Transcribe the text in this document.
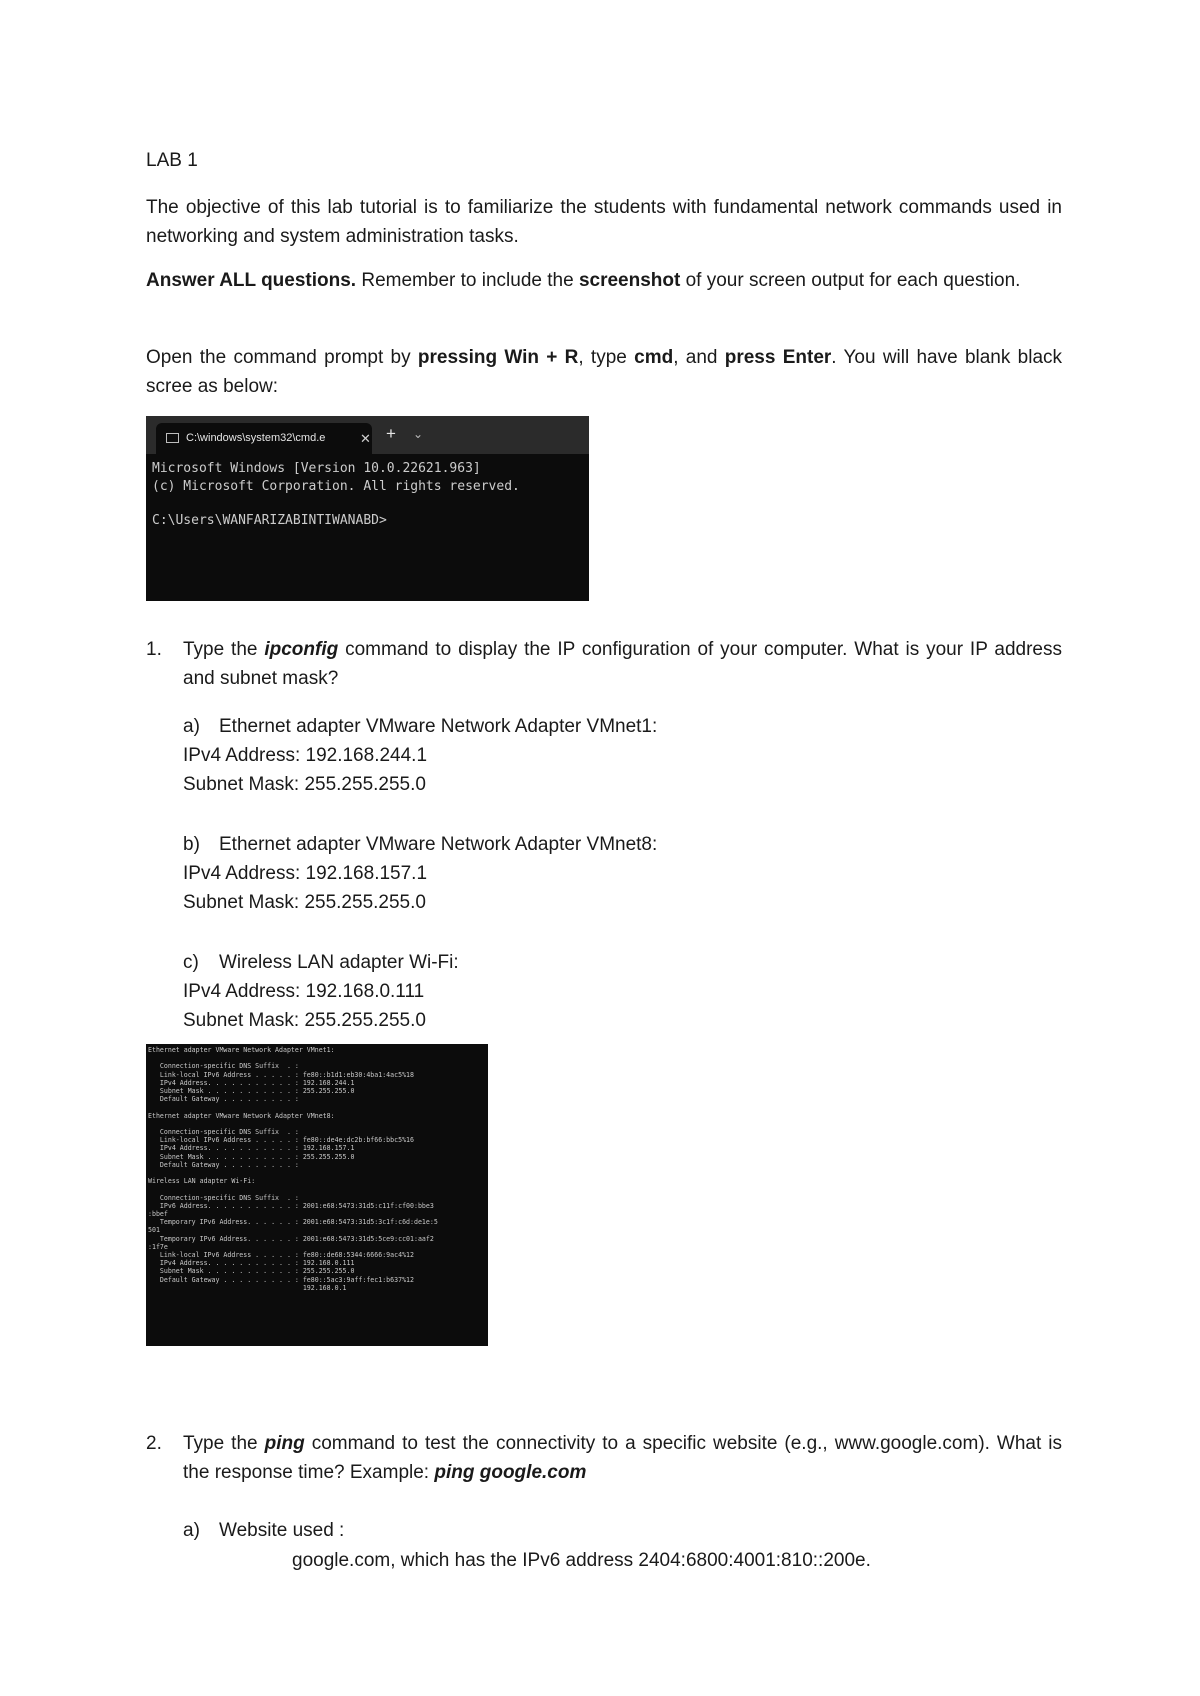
LAB 1

The objective of this lab tutorial is to familiarize the students with fundamental network commands used in networking and system administration tasks.

Answer ALL questions. Remember to include the screenshot of your screen output for each question.

Open the command prompt by pressing Win + R, type cmd, and press Enter. You will have blank black scree as below:

C:\windows\system32\cmd.e	✕ + ⌄
Microsoft Windows [Version 10.0.22621.963]
(c) Microsoft Corporation. All rights reserved.
C:\Users\WANFARIZABINTIWANABD>

1.	Type the ipconfig command to display the IP configuration of your computer. What is your IP address and subnet mask?

a)	Ethernet adapter VMware Network Adapter VMnet1:

IPv4 Address: 192.168.244.1

Subnet Mask: 255.255.255.0

b)	Ethernet adapter VMware Network Adapter VMnet8:

IPv4 Address: 192.168.157.1

Subnet Mask: 255.255.255.0

c)	Wireless LAN adapter Wi-Fi:

IPv4 Address: 192.168.0.111

Subnet Mask: 255.255.255.0

Ethernet adapter VMware Network Adapter VMnet1:
Connection-specific DNS Suffix  . :
Link-local IPv6 Address . . . . . : fe80::b1d1:eb30:4ba1:4ac5%18
IPv4 Address. . . . . . . . . . . : 192.168.244.1
Subnet Mask . . . . . . . . . . . : 255.255.255.0
Default Gateway . . . . . . . . . :
Ethernet adapter VMware Network Adapter VMnet8:
Connection-specific DNS Suffix  . :
Link-local IPv6 Address . . . . . : fe80::de4e:dc2b:bf66:bbc5%16
IPv4 Address. . . . . . . . . . . : 192.168.157.1
Subnet Mask . . . . . . . . . . . : 255.255.255.0
Default Gateway . . . . . . . . . :
Wireless LAN adapter Wi-Fi:
Connection-specific DNS Suffix  . :
IPv6 Address. . . . . . . . . . . : 2001:e68:5473:31d5:c11f:cf00:bbe3
:bbef
Temporary IPv6 Address. . . . . . : 2001:e68:5473:31d5:3c1f:c6d:de1e:5
501
Temporary IPv6 Address. . . . . . : 2001:e68:5473:31d5:5ce9:cc01:aaf2
:1f7e
Link-local IPv6 Address . . . . . : fe80::de68:5344:6666:9ac4%12
IPv4 Address. . . . . . . . . . . : 192.168.0.111
Subnet Mask . . . . . . . . . . . : 255.255.255.0
Default Gateway . . . . . . . . . : fe80::5ac3:9aff:fec1:b637%12
192.168.0.1

2.	Type the ping command to test the connectivity to a specific website (e.g., www.google.com). What is the response time? Example: ping google.com

a)	Website used :

google.com, which has the IPv6 address 2404:6800:4001:810::200e.
